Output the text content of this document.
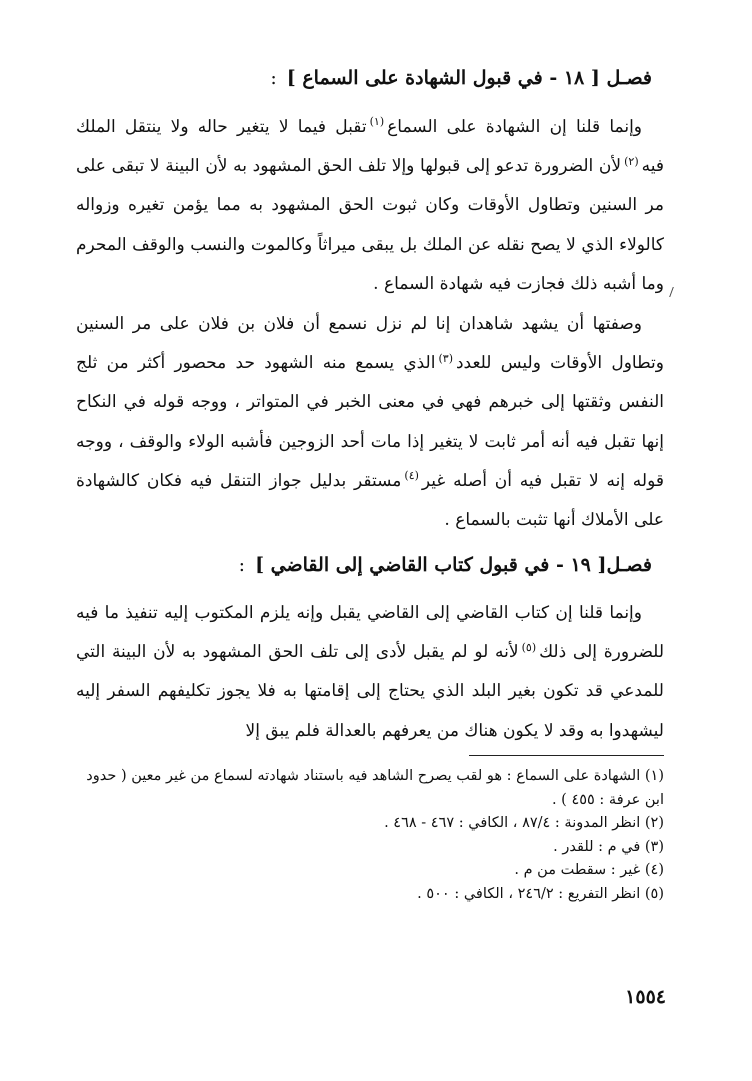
فصـل [ ١٨ - في قبول الشهادة على السماع ]:
وإنما قلنا إن الشهادة على السماع$^{(١)}$تقبل فيما لا يتغير حاله ولا ينتقل الملك فيه$^{(٢)}$لأن الضرورة تدعو إلى قبولها وإلا تلف الحق المشهود به لأن البينة لا تبقى على مر السنين وتطاول الأوقات وكان ثبوت الحق المشهود به مما يؤمن تغيره وزواله كالولاء الذي لا يصح نقله عن الملك بل يبقى ميراثاً وكالموت والنسب والوقف المحرم وما أشبه ذلك فجازت فيه شهادة السماع .
وصفتها أن يشهد شاهدان إنا لم نزل نسمع أن فلان بن فلان على مر السنين وتطاول الأوقات وليس للعدد$^{(٣)}$الذي يسمع منه الشهود حد محصور أكثر من ثلج النفس وثقتها إلى خبرهم فهي في معنى الخبر في المتواتر ، ووجه قوله في النكاح إنها تقبل فيه أنه أمر ثابت لا يتغير إذا مات أحد الزوجين فأشبه الولاء والوقف ، ووجه قوله إنه لا تقبل فيه أن أصله غير$^{(٤)}$مستقر بدليل جواز التنقل فيه فكان كالشهادة على الأملاك أنها تثبت بالسماع .
فصـل[ ١٩ - في قبول كتاب القاضي إلى القاضي ]:
وإنما قلنا إن كتاب القاضي إلى القاضي يقبل وإنه يلزم المكتوب إليه تنفيذ ما فيه للضرورة إلى ذلك$^{(٥)}$لأنه لو لم يقبل لأدى إلى تلف الحق المشهود به لأن البينة التي للمدعي قد تكون بغير البلد الذي يحتاج إلى إقامتها به فلا يجوز تكليفهم السفر إليه ليشهدوا به وقد لا يكون هناك من يعرفهم بالعدالة فلم يبق إلا

(١) الشهادة على السماع : هو لقب يصرح الشاهد فيه باستناد شهادته لسماع من غير معين ( حدود ابن عرفة : ٤٥٥ ) .

(٢) انظر المدونة : ٨٧/٤ ، الكافي : ٤٦٧ - ٤٦٨ .

(٣) في م : للقدر .

(٤) غير : سقطت من م .

(٥) انظر التفريع : ٢٤٦/٢ ، الكافي : ٥٠٠ .

١٥٥٤
